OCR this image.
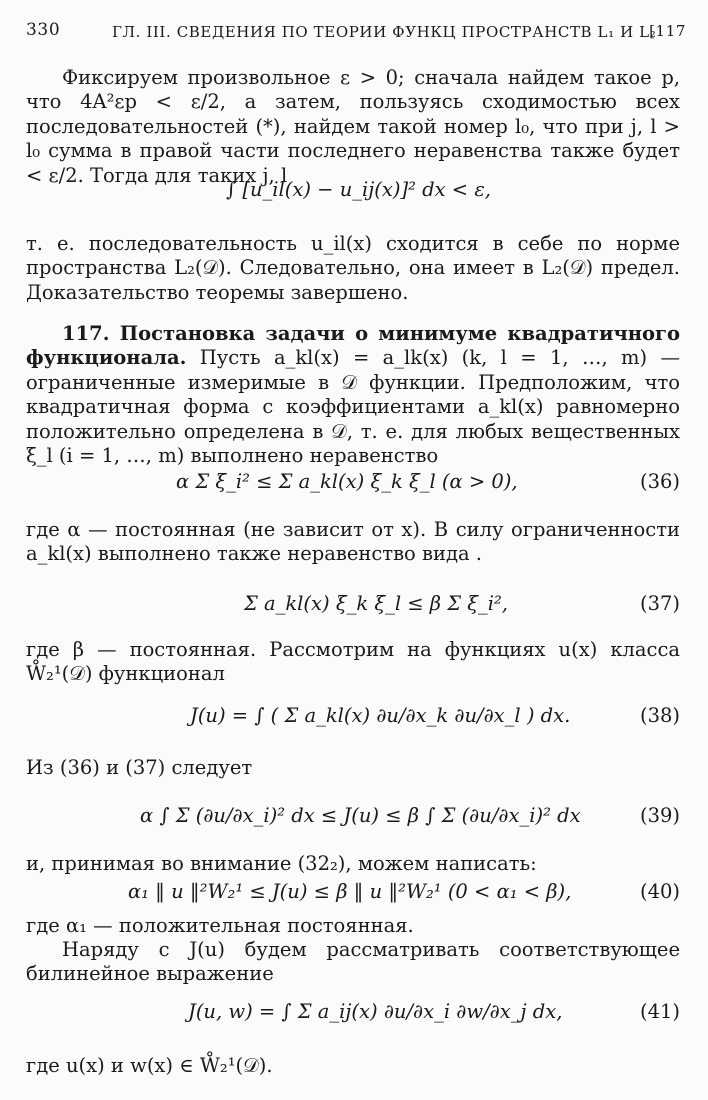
330	ГЛ. III. СВЕДЕНИЯ ПО ТЕОРИИ ФУНКЦ ПРОСТРАНСТВ L₁ И L₂
[117

Фиксируем произвольное ε > 0; сначала найдем такое p, что 4A²εp < ε/2, а затем, пользуясь сходимостью всех последовательностей (*), найдем такой номер l₀, что при j, l > l₀ сумма в правой части последнего неравенства также будет < ε/2. Тогда для таких j, l

∫ [u_il(x) − u_ij(x)]² dx < ε,

т. е. последовательность u_il(x) сходится в себе по норме пространства L₂(𝒟). Следовательно, она имеет в L₂(𝒟) предел. Доказательство теоремы завершено.

117. Постановка задачи о минимуме квадратичного функционала. Пусть a_kl(x) = a_lk(x) (k, l = 1, …, m) — ограниченные измеримые в 𝒟 функции. Предположим, что квадратичная форма с коэффициентами a_kl(x) равномерно положительно определена в 𝒟, т. е. для любых вещественных ξ_l (i = 1, …, m) выполнено неравенство

α Σ ξ_i² ≤ Σ a_kl(x) ξ_k ξ_l (α > 0),	(36)

где α — постоянная (не зависит от x). В силу ограниченности a_kl(x) выполнено также неравенство вида .

Σ a_kl(x) ξ_k ξ_l ≤ β Σ ξ_i²,	(37)

где β — постоянная. Рассмотрим на функциях u(x) класса W̊₂¹(𝒟) функционал

J(u) = ∫ ( Σ a_kl(x) ∂u/∂x_k ∂u/∂x_l ) dx.	(38)

Из (36) и (37) следует

α ∫ Σ (∂u/∂x_i)² dx ≤ J(u) ≤ β ∫ Σ (∂u/∂x_i)² dx	(39)

и, принимая во внимание (32₂), можем написать:

α₁ ‖ u ‖²W₂¹ ≤ J(u) ≤ β ‖ u ‖²W₂¹ (0 < α₁ < β),	(40)

где α₁ — положительная постоянная.

Наряду с J(u) будем рассматривать соответствующее билинейное выражение

J(u, w) = ∫ Σ a_ij(x) ∂u/∂x_i ∂w/∂x_j dx,	(41)

где u(x) и w(x) ∈ W̊₂¹(𝒟).
